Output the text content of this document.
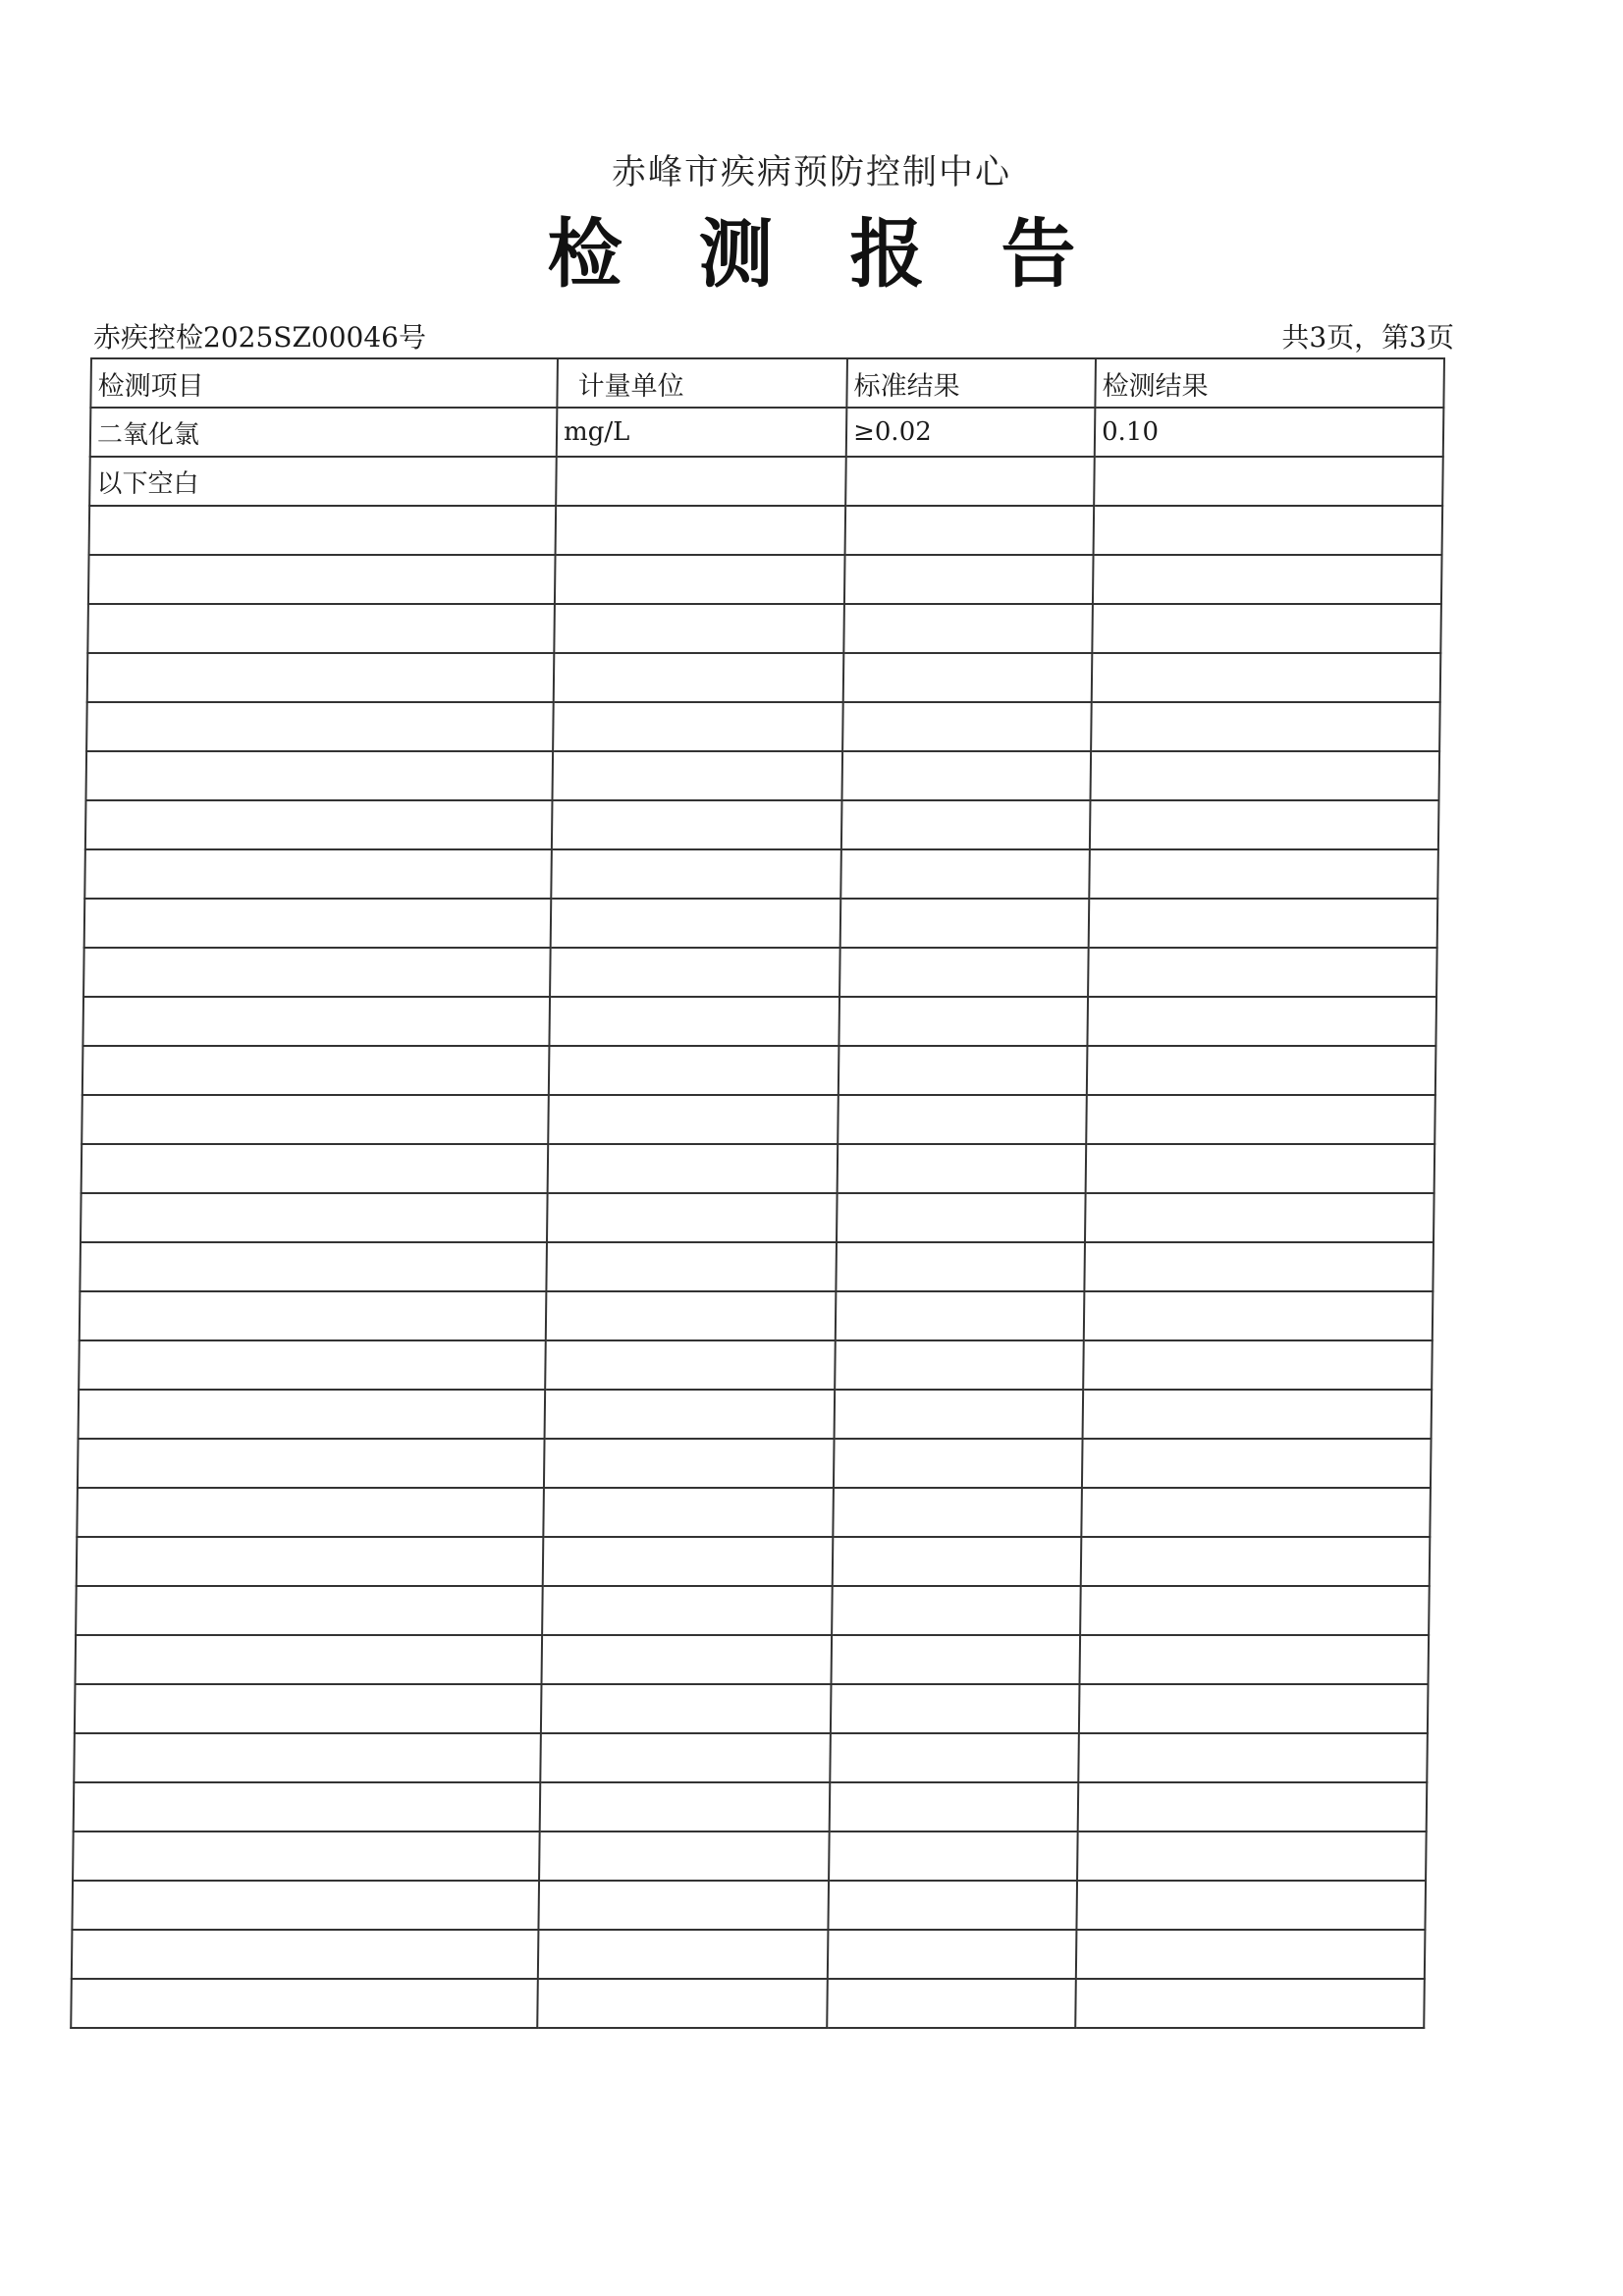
赤峰市疾病预防控制中心
检测报告
赤疾控检2025SZ00046号	共3页，第3页
检测项目	计量单位	标准结果	检测结果
二氧化氯	mg/L	≥0.02	0.10
以下空白			
